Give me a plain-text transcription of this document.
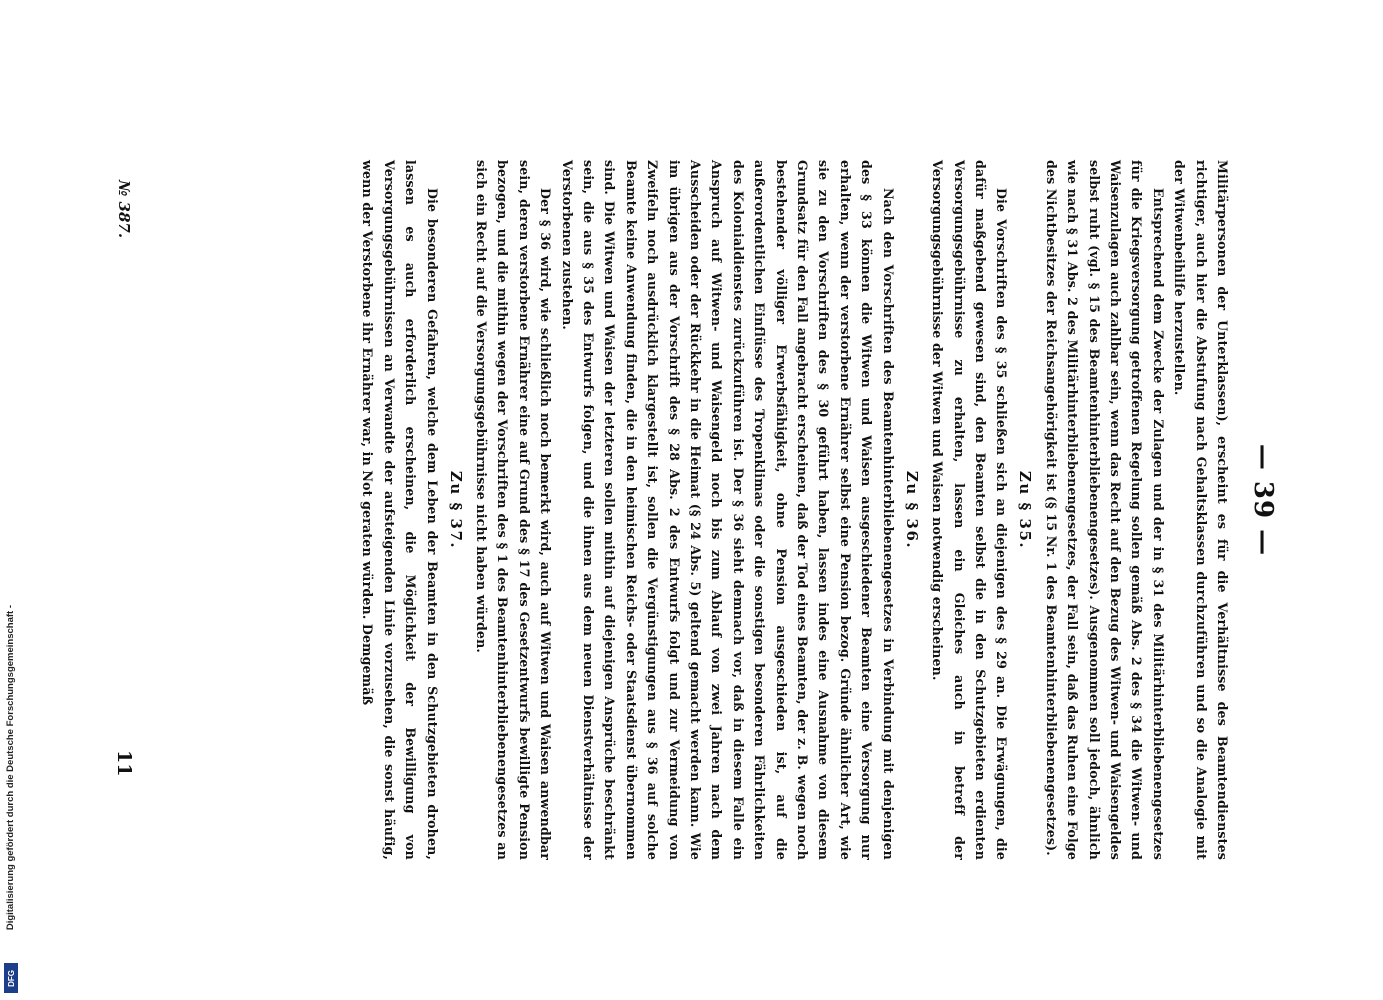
— 39 —

Militärpersonen der Unterklassen), erscheint es für die Verhältnisse des Beamtendienstes richtiger, auch hier die Abstufung nach Gehaltsklassen durchzuführen und so die Analogie mit der Witwenbeihilfe herzustellen.

Entsprechend dem Zwecke der Zulagen und der in § 31 des Militärhinterbliebenengesetzes für die Kriegsversorgung getroffenen Regelung sollen gemäß Abs. 2 des § 34 die Witwen- und Waisenzulagen auch zahlbar sein, wenn das Recht auf den Bezug des Witwen- und Waisengeldes selbst ruht (vgl. § 15 des Beamtenhinterbliebenengesetzes). Ausgenommen soll jedoch, ähnlich wie nach § 31 Abs. 2 des Militärhinterbliebenengesetzes, der Fall sein, daß das Ruhen eine Folge des Nichtbesitzes der Reichsangehörigkeit ist (§ 15 Nr. 1 des Beamtenhinterbliebenengesetzes).

Zu § 35.

Die Vorschriften des § 35 schließen sich an diejenigen des § 29 an. Die Erwägungen, die dafür maßgebend gewesen sind, den Beamten selbst die in den Schutzgebieten erdienten Versorgungsgebührnisse zu erhalten, lassen ein Gleiches auch in betreff der Versorgungsgebührnisse der Witwen und Waisen notwendig erscheinen.

Zu § 36.

Nach den Vorschriften des Beamtenhinterbliebenengesetzes in Verbindung mit denjenigen des § 33 können die Witwen und Waisen ausgeschiedener Beamten eine Versorgung nur erhalten, wenn der verstorbene Ernährer selbst eine Pension bezog. Gründe ähnlicher Art, wie sie zu den Vorschriften des § 30 geführt haben, lassen indes eine Ausnahme von diesem Grundsatz für den Fall angebracht erscheinen, daß der Tod eines Beamten, der z. B. wegen noch bestehender völliger Erwerbsfähigkeit, ohne Pension ausgeschieden ist, auf die außerordentlichen Einflüsse des Tropenklimas oder die sonstigen besonderen Fährlichkeiten des Kolonialdienstes zurückzuführen ist. Der § 36 sieht demnach vor, daß in diesem Falle ein Anspruch auf Witwen- und Waisengeld noch bis zum Ablauf von zwei Jahren nach dem Ausscheiden oder der Rückkehr in die Heimat (§ 24 Abs. 5) geltend gemacht werden kann. Wie im übrigen aus der Vorschrift des § 28 Abs. 2 des Entwurfs folgt und zur Vermeidung von Zweifeln noch ausdrücklich klargestellt ist, sollen die Vergünstigungen aus § 36 auf solche Beamte keine Anwendung finden, die in den heimischen Reichs- oder Staatsdienst übernommen sind. Die Witwen und Waisen der letzteren sollen mithin auf diejenigen Ansprüche beschränkt sein, die aus § 35 des Entwurfs folgen, und die ihnen aus dem neuen Dienstverhältnisse der Verstorbenen zustehen.

Der § 36 wird, wie schließlich noch bemerkt wird, auch auf Witwen und Waisen anwendbar sein, deren verstorbene Ernährer eine auf Grund des § 17 des Gesetzentwurfs bewilligte Pension bezogen, und die mithin wegen der Vorschriften des § 1 des Beamtenhinterbliebenengesetzes an sich ein Recht auf die Versorgungsgebührnisse nicht haben würden.

Zu § 37.

Die besonderen Gefahren, welche dem Leben der Beamten in den Schutzgebieten drohen, lassen es auch erforderlich erscheinen, die Möglichkeit der Bewilligung von Versorgungsgebührnissen an Verwandte der aufsteigenden Linie vorzusehen, die sonst häufig, wenn der Verstorbene ihr Ernährer war, in Not geraten würden. Demgemäß

№ 387.
11
Digitalisierung gefördert durch die Deutsche Forschungsgemeinschaft -
DFG
